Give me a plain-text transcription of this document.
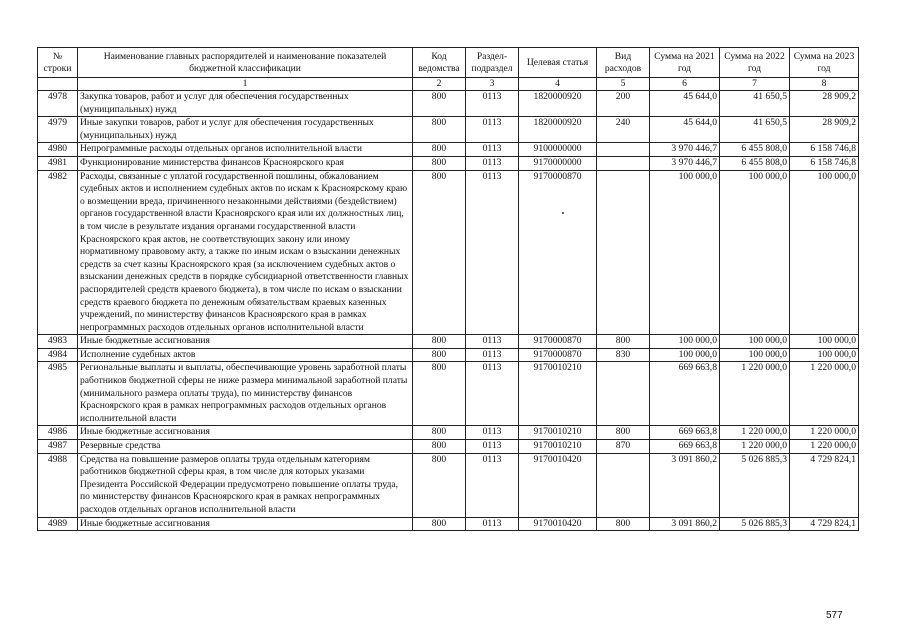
№ строки	Наименование главных распорядителей и наименование показателей бюджетной классификации	Код ведомства	Раздел-подраздел	Целевая статья	Вид расходов	Сумма на 2021 год	Сумма на 2022 год	Сумма на 2023 год
	1	2	3	4	5	6	7	8
4978	Закупка товаров, работ и услуг для обеспечения государственных (муниципальных) нужд	800	0113	1820000920	200	45 644,0	41 650,5	28 909,2
4979	Иные закупки товаров, работ и услуг для обеспечения государственных (муниципальных) нужд	800	0113	1820000920	240	45 644,0	41 650,5	28 909,2
4980	Непрограммные расходы отдельных органов исполнительной власти	800	0113	9100000000		3 970 446,7	6 455 808,0	6 158 746,8
4981	Функционирование министерства финансов Красноярского края	800	0113	9170000000		3 970 446,7	6 455 808,0	6 158 746,8
4982	Расходы, связанные с уплатой государственной пошлины, обжалованием судебных актов и исполнением судебных актов по искам к Красноярскому краю о возмещении вреда, причиненного незаконными действиями (бездействием) органов государственной власти Красноярского края или их должностных лиц, в том числе в результате издания органами государственной власти Красноярского края актов, не соответствующих закону или иному нормативному правовому акту, а также по иным искам о взыскании денежных средств за счет казны Красноярского края (за исключением судебных актов о взыскании денежных средств в порядке субсидиарной ответственности главных распорядителей средств краевого бюджета), в том числе по искам о взыскании средств краевого бюджета по денежным обязательствам краевых казенных учреждений, по министерству финансов Красноярского края в рамках непрограммных расходов отдельных органов исполнительной власти	800	0113	9170000870		100 000,0	100 000,0	100 000,0
4983	Иные бюджетные ассигнования	800	0113	9170000870	800	100 000,0	100 000,0	100 000,0
4984	Исполнение судебных актов	800	0113	9170000870	830	100 000,0	100 000,0	100 000,0
4985	Региональные выплаты и выплаты, обеспечивающие уровень заработной платы работников бюджетной сферы не ниже размера минимальной заработной платы (минимального размера оплаты труда), по министерству финансов Красноярского края в рамках непрограммных расходов отдельных органов исполнительной власти	800	0113	9170010210		669 663,8	1 220 000,0	1 220 000,0
4986	Иные бюджетные ассигнования	800	0113	9170010210	800	669 663,8	1 220 000,0	1 220 000,0
4987	Резервные средства	800	0113	9170010210	870	669 663,8	1 220 000,0	1 220 000,0
4988	Средства на повышение размеров оплаты труда отдельным категориям работников бюджетной сферы края, в том числе для которых указами Президента Российской Федерации предусмотрено повышение оплаты труда, по министерству финансов Красноярского края в рамках непрограммных расходов отдельных органов исполнительной власти	800	0113	9170010420		3 091 860,2	5 026 885,3	4 729 824,1
4989	Иные бюджетные ассигнования	800	0113	9170010420	800	3 091 860,2	5 026 885,3	4 729 824,1
577
